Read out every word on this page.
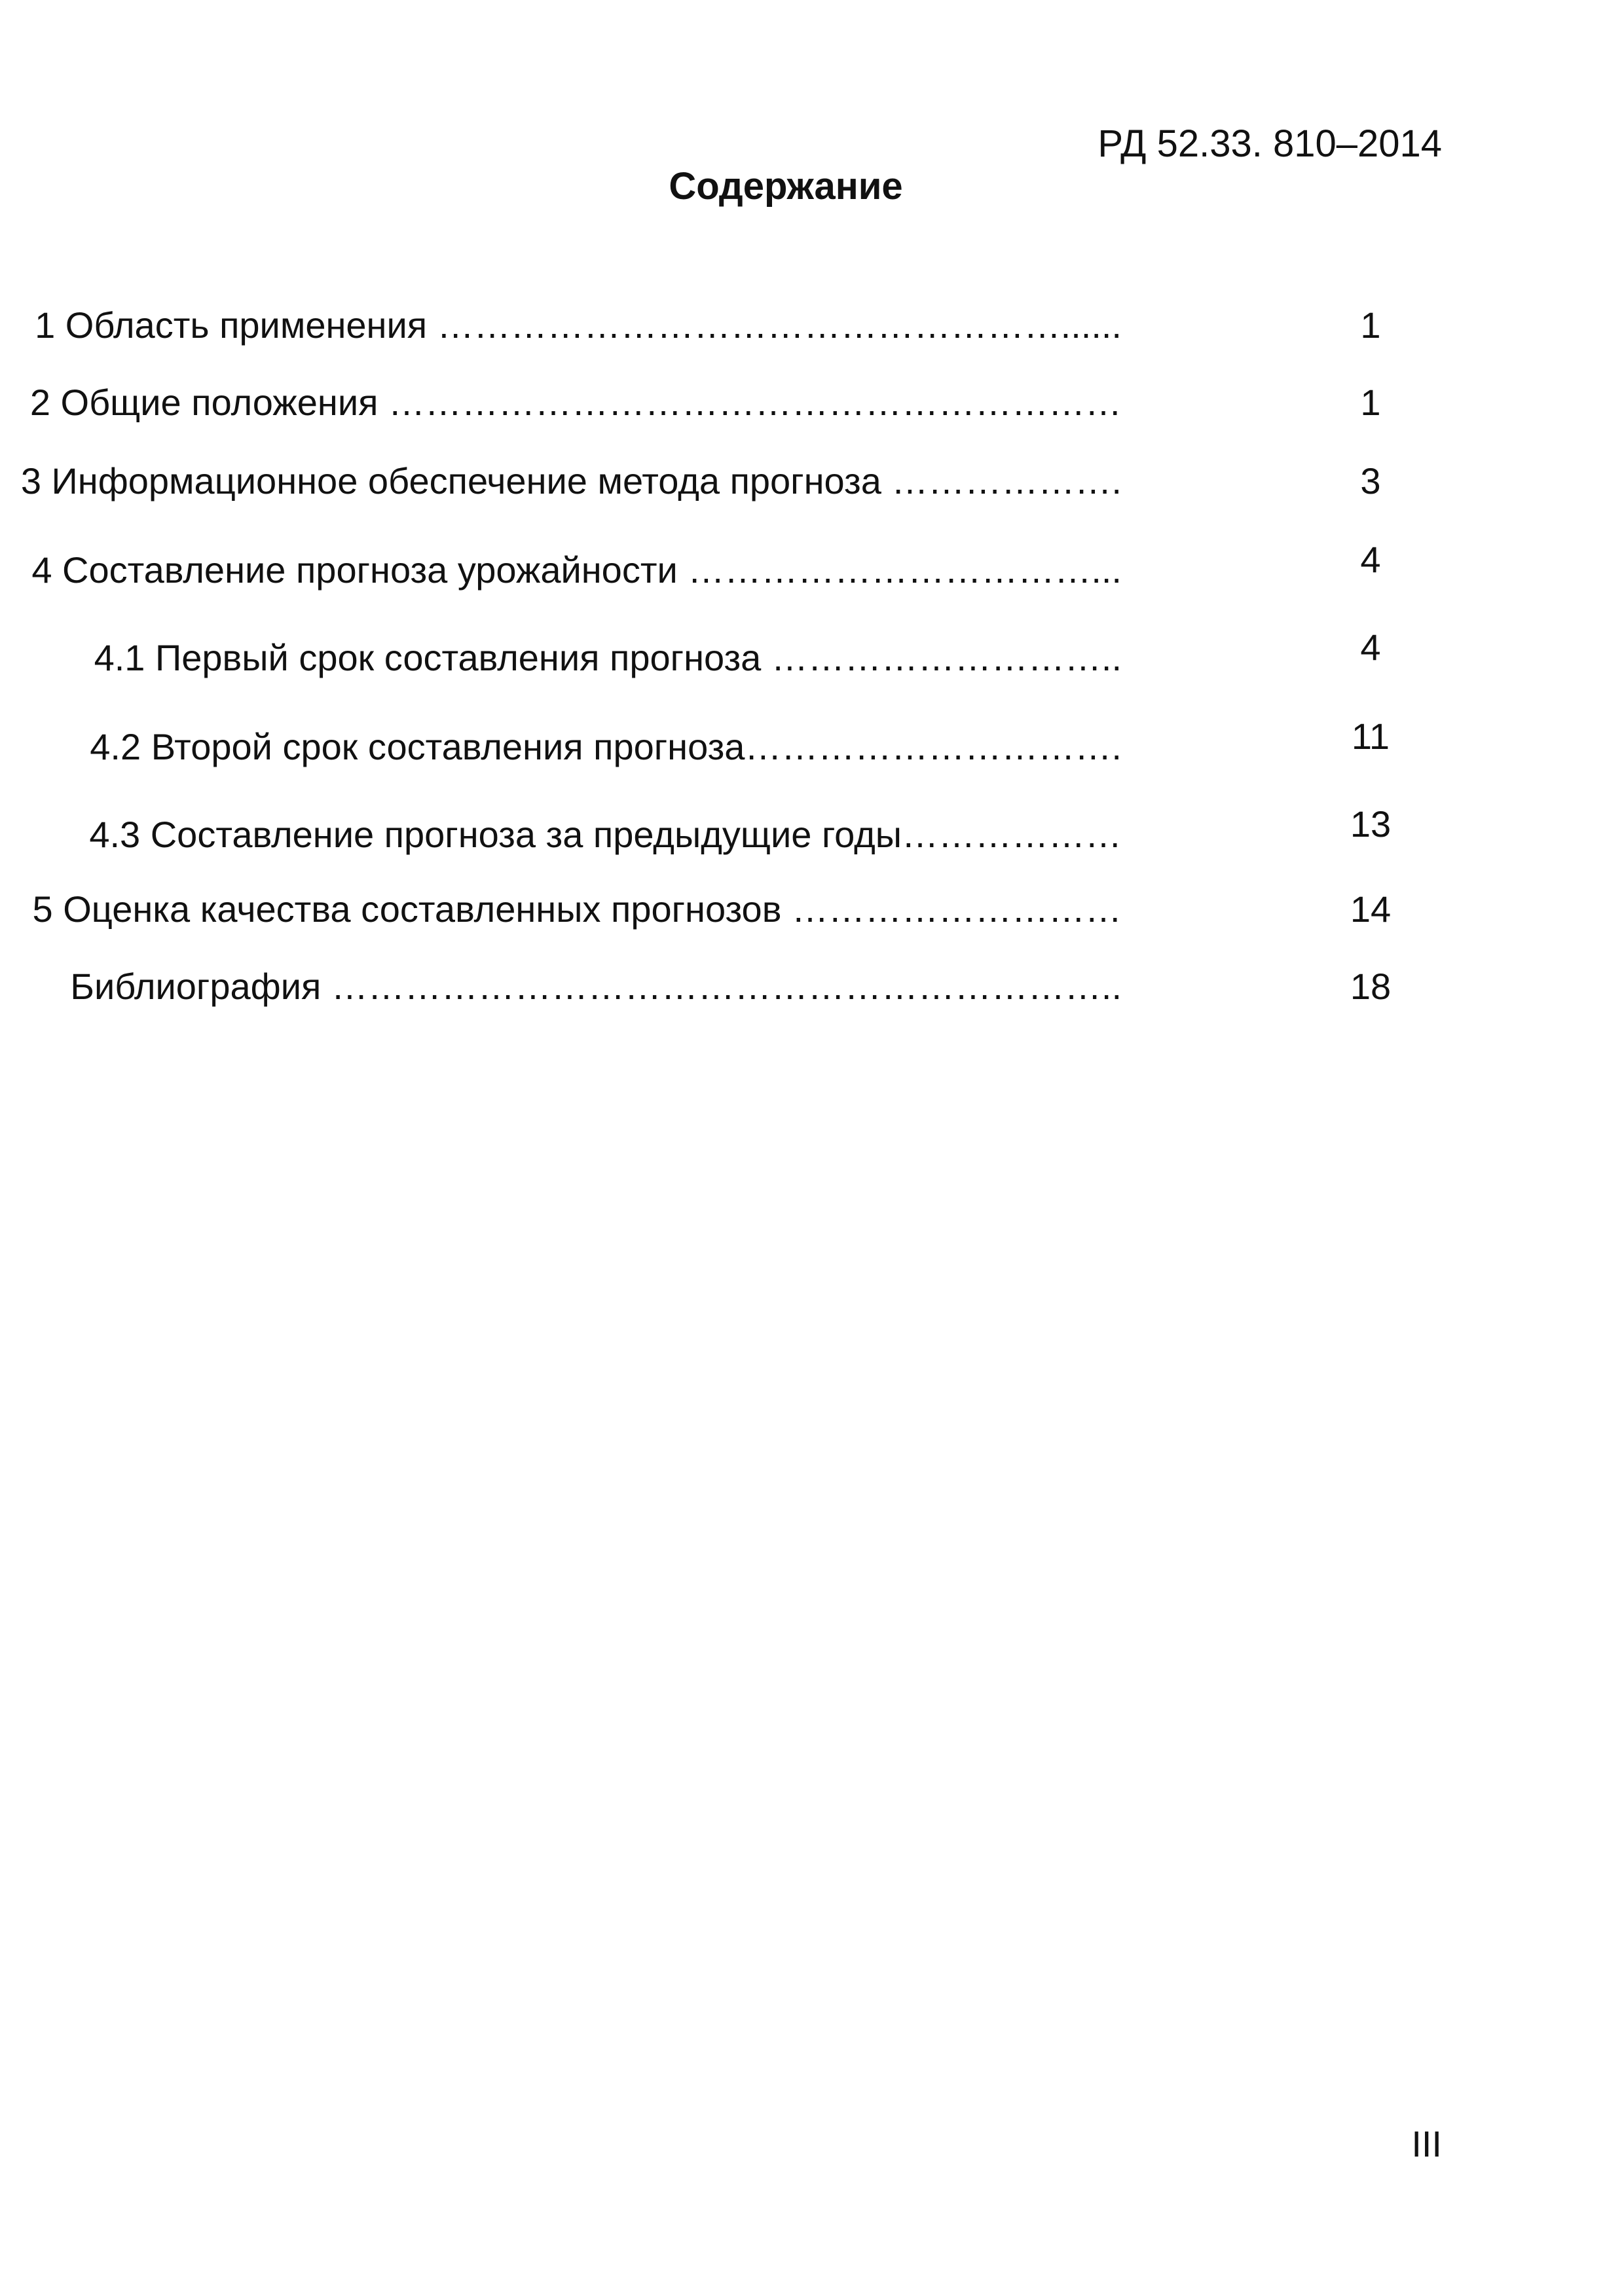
РД 52.33. 810–2014
Содержание
1 Область применения ……………………………………………......	1
2 Общие положения ……………………………………………………	1
3 Информационное обеспечение метода прогноза ……………….	3
4 Составление прогноза урожайности ……………………………...	4
4.1 Первый срок составления прогноза ………………………..	4
4.2 Второй срок составления прогноза………………………….	11
4.3 Составление прогноза за предыдущие годы………………	13
5 Оценка качества составленных прогнозов ………………………	14
Библиография ………………………………………………………..	18
III
